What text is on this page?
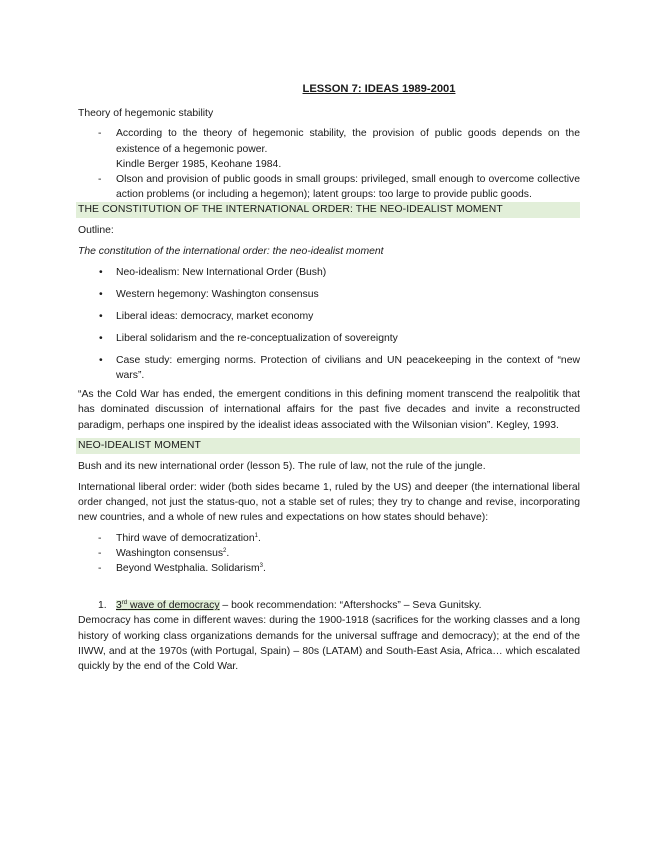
LESSON 7: IDEAS 1989-2001

Theory of hegemonic stability

- According to the theory of hegemonic stability, the provision of public goods depends on the existence of a hegemonic power.
Kindle Berger 1985, Keohane 1984.
- Olson and provision of public goods in small groups: privileged, small enough to overcome collective action problems (or including a hegemon); latent groups: too large to provide public goods.
THE CONSTITUTION OF THE INTERNATIONAL ORDER: THE NEO-IDEALIST MOMENT

Outline:

The constitution of the international order: the neo-idealist moment

• Neo-idealism: New International Order (Bush)
• Western hegemony: Washington consensus
• Liberal ideas: democracy, market economy
• Liberal solidarism and the re-conceptualization of sovereignty
• Case study: emerging norms. Protection of civilians and UN peacekeeping in the context of “new wars”.

“As the Cold War has ended, the emergent conditions in this defining moment transcend the realpolitik that has dominated discussion of international affairs for the past five decades and invite a reconstructed paradigm, perhaps one inspired by the idealist ideas associated with the Wilsonian vision”. Kegley, 1993.

NEO-IDEALIST MOMENT

Bush and its new international order (lesson 5). The rule of law, not the rule of the jungle.

International liberal order: wider (both sides became 1, ruled by the US) and deeper (the international liberal order changed, not just the status-quo, not a stable set of rules; they try to change and revise, incorporating new countries, and a whole of new rules and expectations on how states should behave):

- Third wave of democratization$^1$.
- Washington consensus$^2$.
- Beyond Westphalia. Solidarism$^3$.
1. 3rd wave of democracy – book recommendation: “Aftershocks” – Seva Gunitsky.

Democracy has come in different waves: during the 1900-1918 (sacrifices for the working classes and a long history of working class organizations demands for the universal suffrage and democracy); at the end of the IIWW, and at the 1970s (with Portugal, Spain) – 80s (LATAM) and South-East Asia, Africa… which escalated quickly by the end of the Cold War.
